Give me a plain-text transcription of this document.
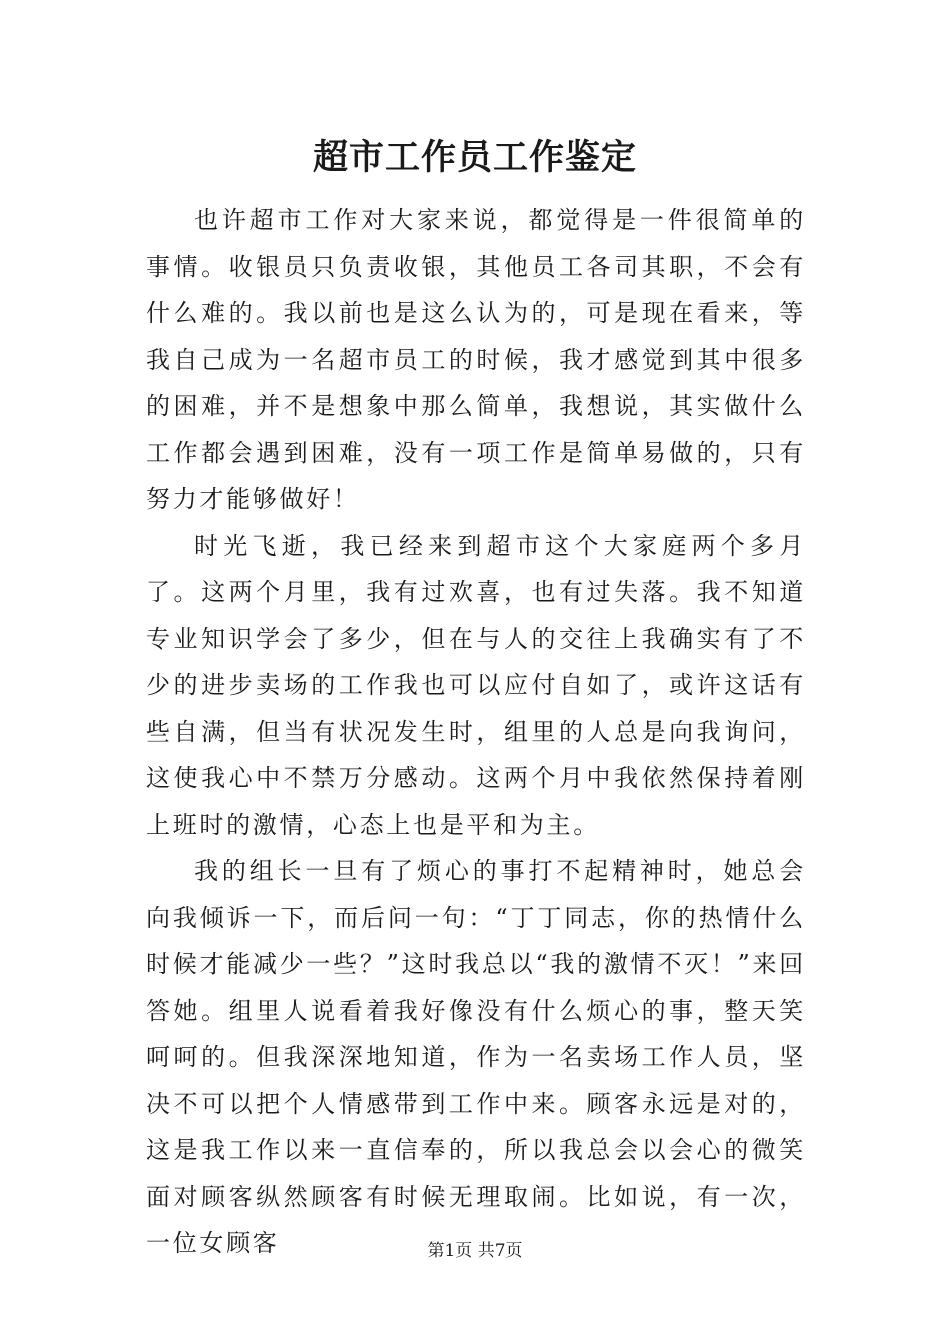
超市工作员工作鉴定

也许超市工作对大家来说，都觉得是一件很简单的事情。收银员只负责收银，其他员工各司其职，不会有什么难的。我以前也是这么认为的，可是现在看来，等我自己成为一名超市员工的时候，我才感觉到其中很多的困难，并不是想象中那么简单，我想说，其实做什么工作都会遇到困难，没有一项工作是简单易做的，只有努力才能够做好！

时光飞逝，我已经来到超市这个大家庭两个多月了。这两个月里，我有过欢喜，也有过失落。我不知道专业知识学会了多少，但在与人的交往上我确实有了不少的进步卖场的工作我也可以应付自如了，或许这话有些自满，但当有状况发生时，组里的人总是向我询问，这使我心中不禁万分感动。这两个月中我依然保持着刚上班时的激情，心态上也是平和为主。

我的组长一旦有了烦心的事打不起精神时，她总会向我倾诉一下，而后问一句：“丁丁同志，你的热情什么时候才能减少一些？”这时我总以“我的激情不灭！”来回答她。组里人说看着我好像没有什么烦心的事，整天笑呵呵的。但我深深地知道，作为一名卖场工作人员，坚决不可以把个人情感带到工作中来。顾客永远是对的，这是我工作以来一直信奉的，所以我总会以会心的微笑面对顾客纵然顾客有时候无理取闹。比如说，有一次，一位女顾客	第1页 共7页
